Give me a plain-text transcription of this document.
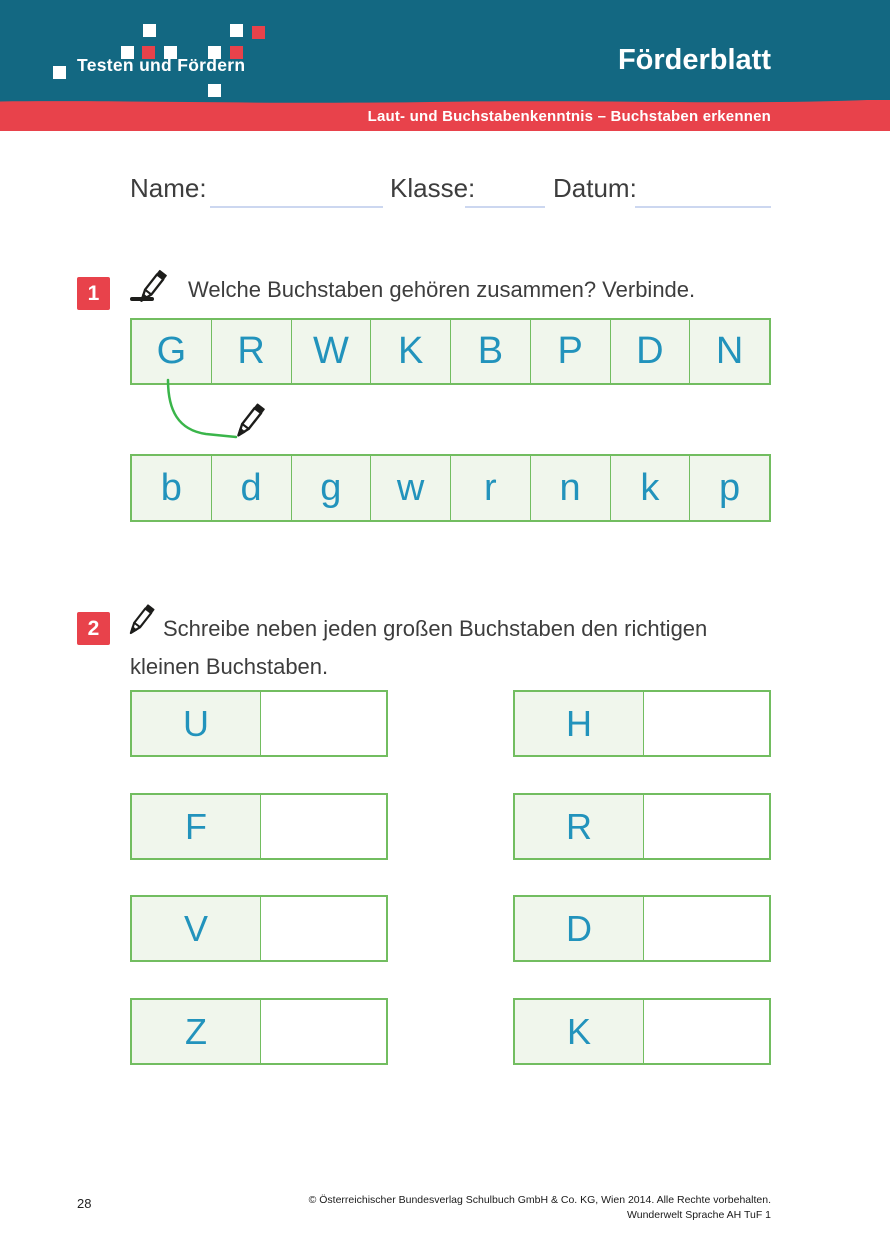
Testen und Fördern	Förderblatt
Laut- und Buchstabenkenntnis – Buchstaben erkennen
Name:	Klasse:	Datum:
1	Welche Buchstaben gehören zusammen? Verbinde.
G	R	W	K	B	P	D	N
b	d	g	w	r	n	k	p
2	Schreibe neben jeden großen Buchstaben den richtigen
kleinen Buchstaben.
U	H
F	R
V	D
Z	K
28	© Österreichischer Bundesverlag Schulbuch GmbH & Co. KG, Wien 2014. Alle Rechte vorbehalten.
Wunderwelt Sprache AH TuF 1
